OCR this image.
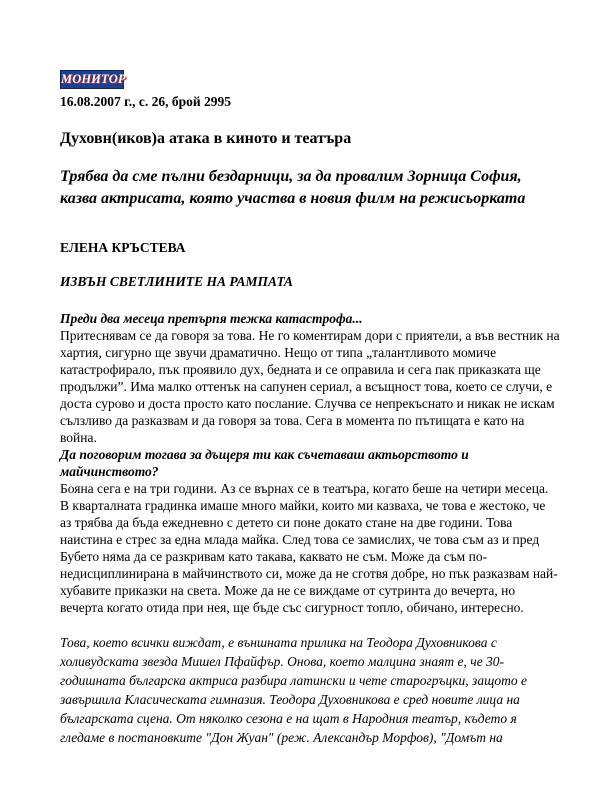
МОНИТОР

16.08.2007 г., с. 26, брой 2995

Духовн(иков)а атака в киното и театъра

Трябва да сме пълни бездарници, за да провалим Зорница София, казва актрисата, която участва в новия филм на режисьорката

ЕЛЕНА КРЪСТЕВА

ИЗВЪН СВЕТЛИНИТЕ НА РАМПАТА

Преди два месеца претърпя тежка катастрофа...

Притеснявам се да говоря за това. Не го коментирам дори с приятели, а във вестник на хартия, сигурно ще звучи драматично. Нещо от типа „талантливото момиче катастрофирало, пък проявило дух, бедната и се оправила и сега пак приказката ще продължи”. Има малко оттенък на сапунен сериал, а всъщност това, което се случи, е доста сурово и доста просто като послание. Случва се непрекъснато и никак не искам сълзливо да разказвам и да говоря за това. Сега в момента по пътищата е като на война.

Да поговорим тогава за дъщеря ти как съчетаваш актьорството и майчинството?

Бояна сега е на три години. Аз се върнах се в театъра, когато беше на четири месеца. В кварталната градинка имаше много майки, които ми казваха, че това е жестоко, че аз трябва да бъда ежедневно с детето си поне докато стане на две години. Това наистина е стрес за една млада майка. След това се замислих, че това съм аз и пред Бубето няма да се разкривам като такава, каквато не съм. Може да съм по-недисциплинирана в майчинството си, може да не сготвя добре, но пък разказвам най-хубавите приказки на света. Може да не се виждаме от сутринта до вечерта, но вечерта когато отида при нея, ще бъде със сигурност топло, обичано, интересно.

Това, което всички виждат, е външната прилика на Теодора Духовникова с холивудската звезда Мишел Пфайфър. Онова, което малцина знаят е, че 30-годишната българска актриса разбира латински и чете старогръцки, защото е завършила Класическата гимназия. Теодора Духовникова е сред новите лица на българската сцена. От няколко сезона е на щат в Народния театър, където я гледаме в постановките "Дон Жуан" (реж. Александър Морфов), "Домът на
